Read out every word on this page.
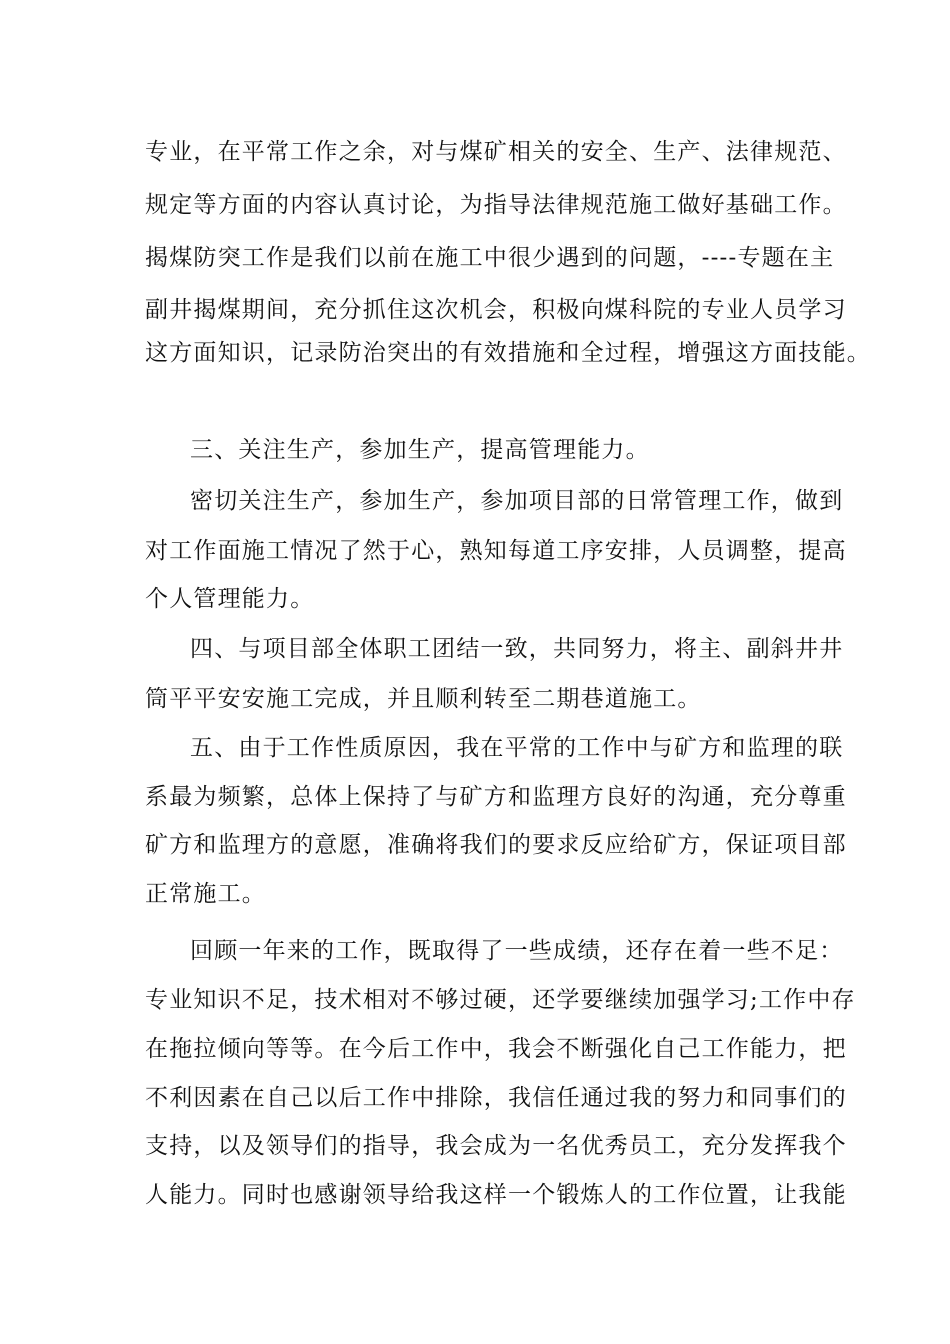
专业，在平常工作之余，对与煤矿相关的安全、生产、法律规范、
规定等方面的内容认真讨论，为指导法律规范施工做好基础工作。
揭煤防突工作是我们以前在施工中很少遇到的问题，----专题在主
副井揭煤期间，充分抓住这次机会，积极向煤科院的专业人员学习
这方面知识，记录防治突出的有效措施和全过程，增强这方面技能。
三、关注生产，参加生产，提高管理能力。
密切关注生产，参加生产，参加项目部的日常管理工作，做到
对工作面施工情况了然于心，熟知每道工序安排，人员调整，提高
个人管理能力。
四、与项目部全体职工团结一致，共同努力，将主、副斜井井
筒平平安安施工完成，并且顺利转至二期巷道施工。
五、由于工作性质原因，我在平常的工作中与矿方和监理的联
系最为频繁，总体上保持了与矿方和监理方良好的沟通，充分尊重
矿方和监理方的意愿，准确将我们的要求反应给矿方，保证项目部
正常施工。
回顾一年来的工作，既取得了一些成绩，还存在着一些不足：
专业知识不足，技术相对不够过硬，还学要继续加强学习;工作中存
在拖拉倾向等等。在今后工作中，我会不断强化自己工作能力，把
不利因素在自己以后工作中排除，我信任通过我的努力和同事们的
支持，以及领导们的指导，我会成为一名优秀员工，充分发挥我个
人能力。同时也感谢领导给我这样一个锻炼人的工作位置，让我能
